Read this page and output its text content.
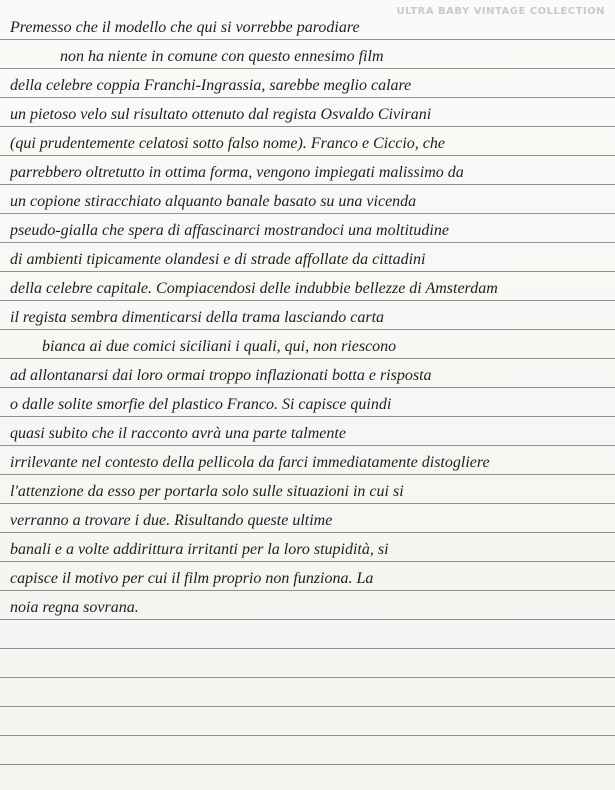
ULTRA BABY VINTAGE COLLECTION
Premesso che il modello che qui si vorrebbe parodiare
non ha niente in comune con questo ennesimo film
della celebre coppia Franchi-Ingrassia, sarebbe meglio calare
un pietoso velo sul risultato ottenuto dal regista Osvaldo Civirani
(qui prudentemente celatosi sotto falso nome). Franco e Ciccio, che
parrebbero oltretutto in ottima forma, vengono impiegati malissimo da
un copione stiracchiato alquanto banale basato su una vicenda
pseudo-gialla che spera di affascinarci mostrandoci una moltitudine
di ambienti tipicamente olandesi e di strade affollate da cittadini
della celebre capitale. Compiacendosi delle indubbie bellezze di Amsterdam
il regista sembra dimenticarsi della trama lasciando carta
bianca ai due comici siciliani i quali, qui, non riescono
ad allontanarsi dai loro ormai troppo inflazionati botta e risposta
o dalle solite smorfie del plastico Franco. Si capisce quindi
quasi subito che il racconto avrà una parte talmente
irrilevante nel contesto della pellicola da farci immediatamente distogliere
l'attenzione da esso per portarla solo sulle situazioni in cui si
verranno a trovare i due. Risultando queste ultime
banali e a volte addirittura irritanti per la loro stupidità, si
capisce il motivo per cui il film proprio non funziona. La
noia regna sovrana.
